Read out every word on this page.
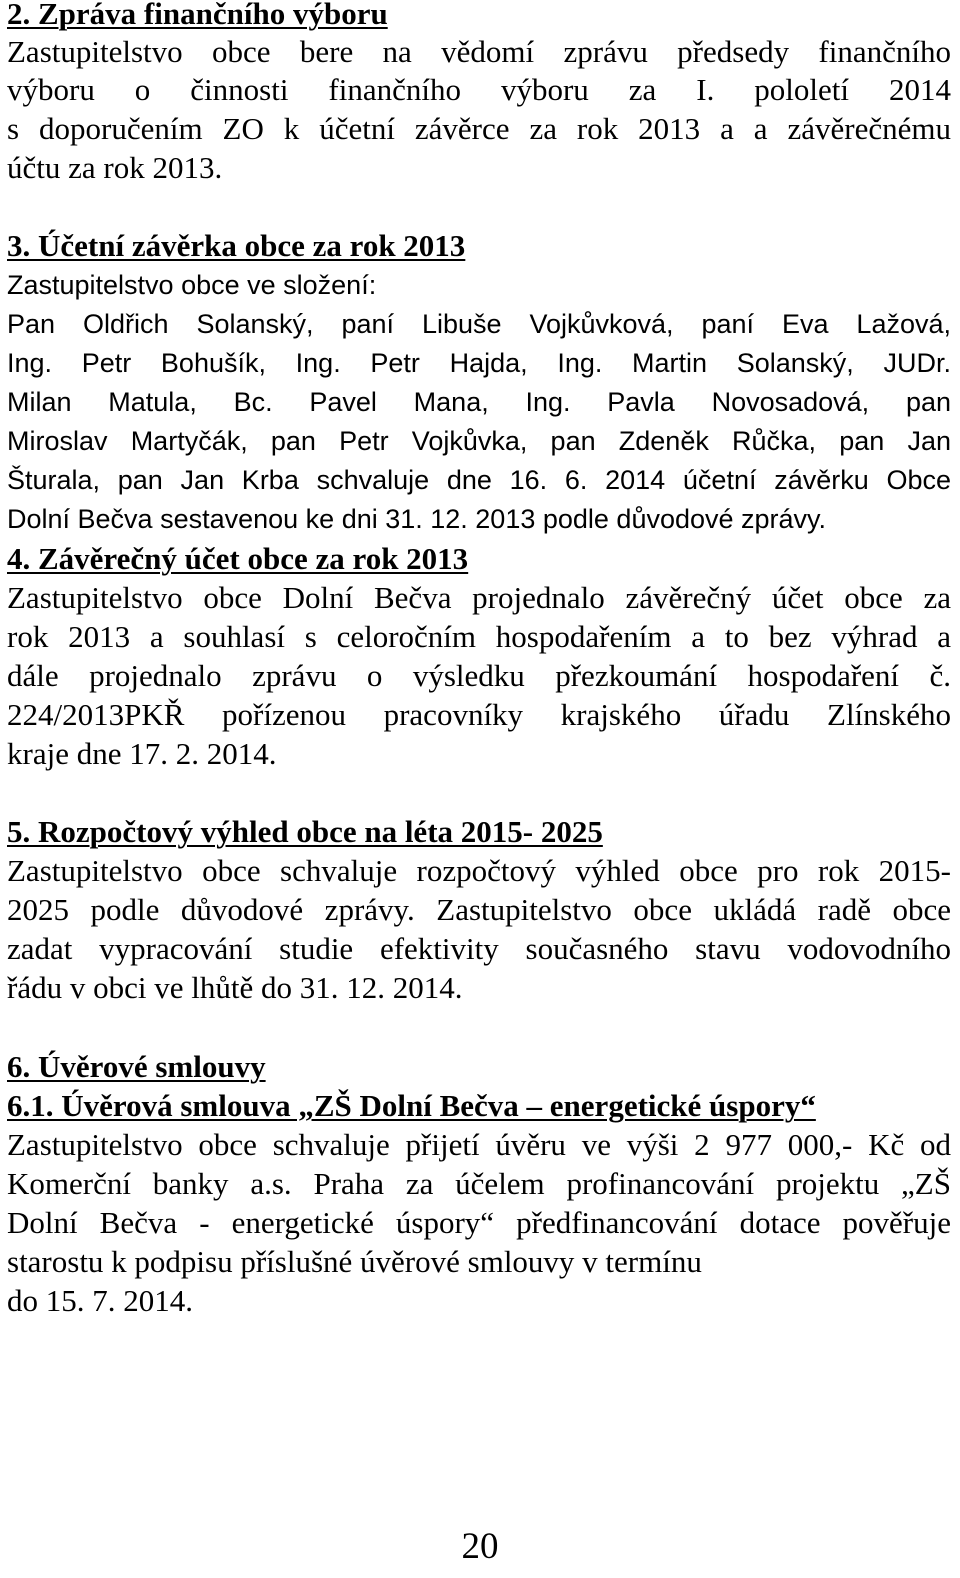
2. Zpráva finančního výboru
Zastupitelstvo obce bere na vědomí zprávu předsedy finančního
výboru o činnosti finančního výboru za I. pololetí 2014
s doporučením ZO k účetní závěrce za rok 2013 a a závěrečnému
účtu za rok 2013.
3. Účetní závěrka obce za rok 2013
Zastupitelstvo obce ve složení:
Pan Oldřich Solanský, paní Libuše Vojkůvková, paní Eva Lažová,
Ing. Petr Bohušík, Ing. Petr Hajda, Ing. Martin Solanský, JUDr.
Milan Matula, Bc. Pavel Mana, Ing. Pavla Novosadová, pan
Miroslav Martyčák, pan Petr Vojkůvka, pan Zdeněk Růčka, pan Jan
Šturala, pan Jan Krba schvaluje dne 16. 6. 2014 účetní závěrku Obce
Dolní Bečva sestavenou ke dni 31. 12. 2013 podle důvodové zprávy.
4. Závěrečný účet obce za rok 2013
Zastupitelstvo obce Dolní Bečva projednalo závěrečný účet obce za
rok 2013 a souhlasí s celoročním hospodařením a to bez výhrad a
dále projednalo zprávu o výsledku přezkoumání hospodaření č.
224/2013PKŘ pořízenou pracovníky krajského úřadu Zlínského
kraje dne 17. 2. 2014.
5. Rozpočtový výhled obce na léta 2015- 2025
Zastupitelstvo obce schvaluje rozpočtový výhled obce pro rok 2015-
2025 podle důvodové zprávy. Zastupitelstvo obce ukládá radě obce
zadat vypracování studie efektivity současného stavu vodovodního
řádu v obci ve lhůtě do 31. 12. 2014.
6. Úvěrové smlouvy
6.1. Úvěrová smlouva „ZŠ Dolní Bečva – energetické úspory“
Zastupitelstvo obce schvaluje přijetí úvěru ve výši 2 977 000,- Kč od
Komerční banky a.s. Praha za účelem profinancování projektu „ZŠ
Dolní Bečva - energetické úspory“ předfinancování dotace pověřuje
starostu k podpisu příslušné úvěrové smlouvy v termínu
do 15. 7. 2014.
20
